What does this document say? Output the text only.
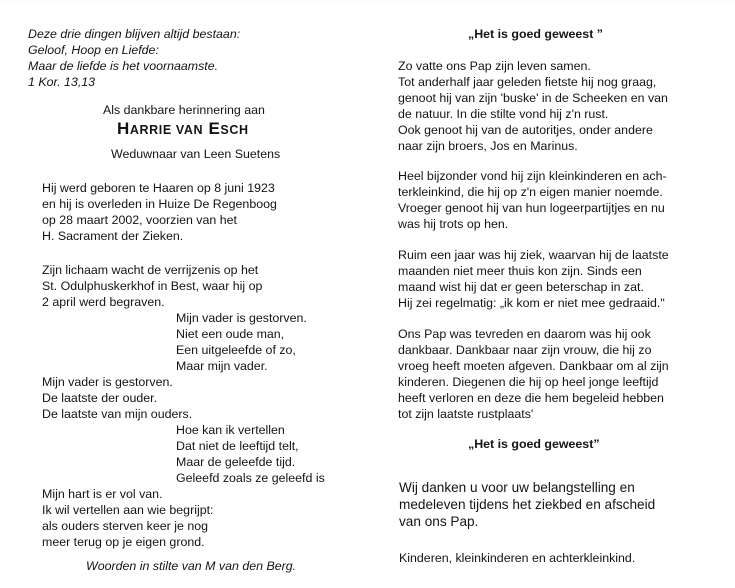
Deze drie dingen blijven altijd bestaan:
Geloof, Hoop en Liefde:
Maar de liefde is het voornaamste.
1 Kor. 13,13
Als dankbare herinnering aan
HARRIE VAN ESCH
Weduwnaar van Leen Suetens
Hij werd geboren te Haaren op 8 juni 1923
en hij is overleden in Huize De Regenboog
op 28 maart 2002, voorzien van het
H. Sacrament der Zieken.
Zijn lichaam wacht de verrijzenis op het
St. Odulphuskerkhof in Best, waar hij op
2 april werd begraven.
Mijn vader is gestorven.
Niet een oude man,
Een uitgeleefde of zo,
Maar mijn vader.
Mijn vader is gestorven.
De laatste der ouder.
De laatste van mijn ouders.
Hoe kan ik vertellen
Dat niet de leeftijd telt,
Maar de geleefde tijd.
Geleefd zoals ze geleefd is
Mijn hart is er vol van.
Ik wil vertellen aan wie begrijpt:
als ouders sterven keer je nog
meer terug op je eigen grond.
Woorden in stilte van M van den Berg.
„Het is goed geweest ”
Zo vatte ons Pap zijn leven samen.
Tot anderhalf jaar geleden fietste hij nog graag,
genoot hij van zijn 'buske' in de Scheeken en van
de natuur. In die stilte vond hij z'n rust.
Ook genoot hij van de autoritjes, onder andere
naar zijn broers, Jos en Marinus.
Heel bijzonder vond hij zijn kleinkinderen en ach-
terkleinkind, die hij op z'n eigen manier noemde.
Vroeger genoot hij van hun logeerpartijtjes en nu
was hij trots op hen.
Ruim een jaar was hij ziek, waarvan hij de laatste
maanden niet meer thuis kon zijn. Sinds een
maand wist hij dat er geen beterschap in zat.
Hij zei regelmatig: „ik kom er niet mee gedraaid."
Ons Pap was tevreden en daarom was hij ook
dankbaar. Dankbaar naar zijn vrouw, die hij zo
vroeg heeft moeten afgeven. Dankbaar om al zijn
kinderen. Diegenen die hij op heel jonge leeftijd
heeft verloren en deze die hem begeleid hebben
tot zijn laatste rustplaats'
„Het is goed geweest”
Wij danken u voor uw belangstelling en
medeleven tijdens het ziekbed en afscheid
van ons Pap.
Kinderen, kleinkinderen en achterkleinkind.
